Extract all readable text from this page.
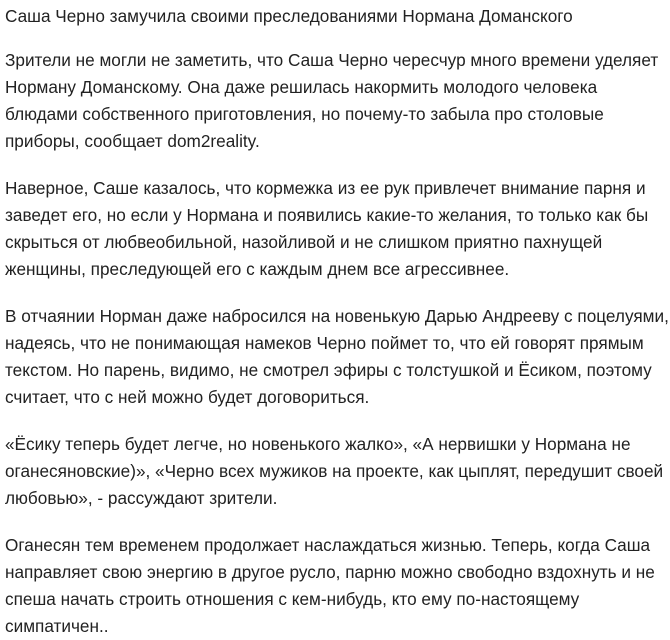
Саша Черно замучила своими преследованиями Нормана Доманского

Зрители не могли не заметить, что Саша Черно чересчур много времени уделяет
Норману Доманскому. Она даже решилась накормить молодого человека
блюдами собственного приготовления, но почему-то забыла про столовые
приборы, сообщает dom2reality.

Наверное, Саше казалось, что кормежка из ее рук привлечет внимание парня и
заведет его, но если у Нормана и появились какие-то желания, то только как бы
скрыться от любвеобильной, назойливой и не слишком приятно пахнущей
женщины, преследующей его с каждым днем все агрессивнее.

В отчаянии Норман даже набросился на новенькую Дарью Андрееву с поцелуями,
надеясь, что не понимающая намеков Черно поймет то, что ей говорят прямым
текстом. Но парень, видимо, не смотрел эфиры с толстушкой и Ёсиком, поэтому
считает, что с ней можно будет договориться.

«Ёсику теперь будет легче, но новенького жалко», «А нервишки у Нормана не
оганесяновские)», «Черно всех мужиков на проекте, как цыплят, передушит своей
любовью», - рассуждают зрители.

Оганесян тем временем продолжает наслаждаться жизнью. Теперь, когда Саша
направляет свою энергию в другое русло, парню можно свободно вздохнуть и не
спеша начать строить отношения с кем-нибудь, кто ему по-настоящему
симпатичен..
